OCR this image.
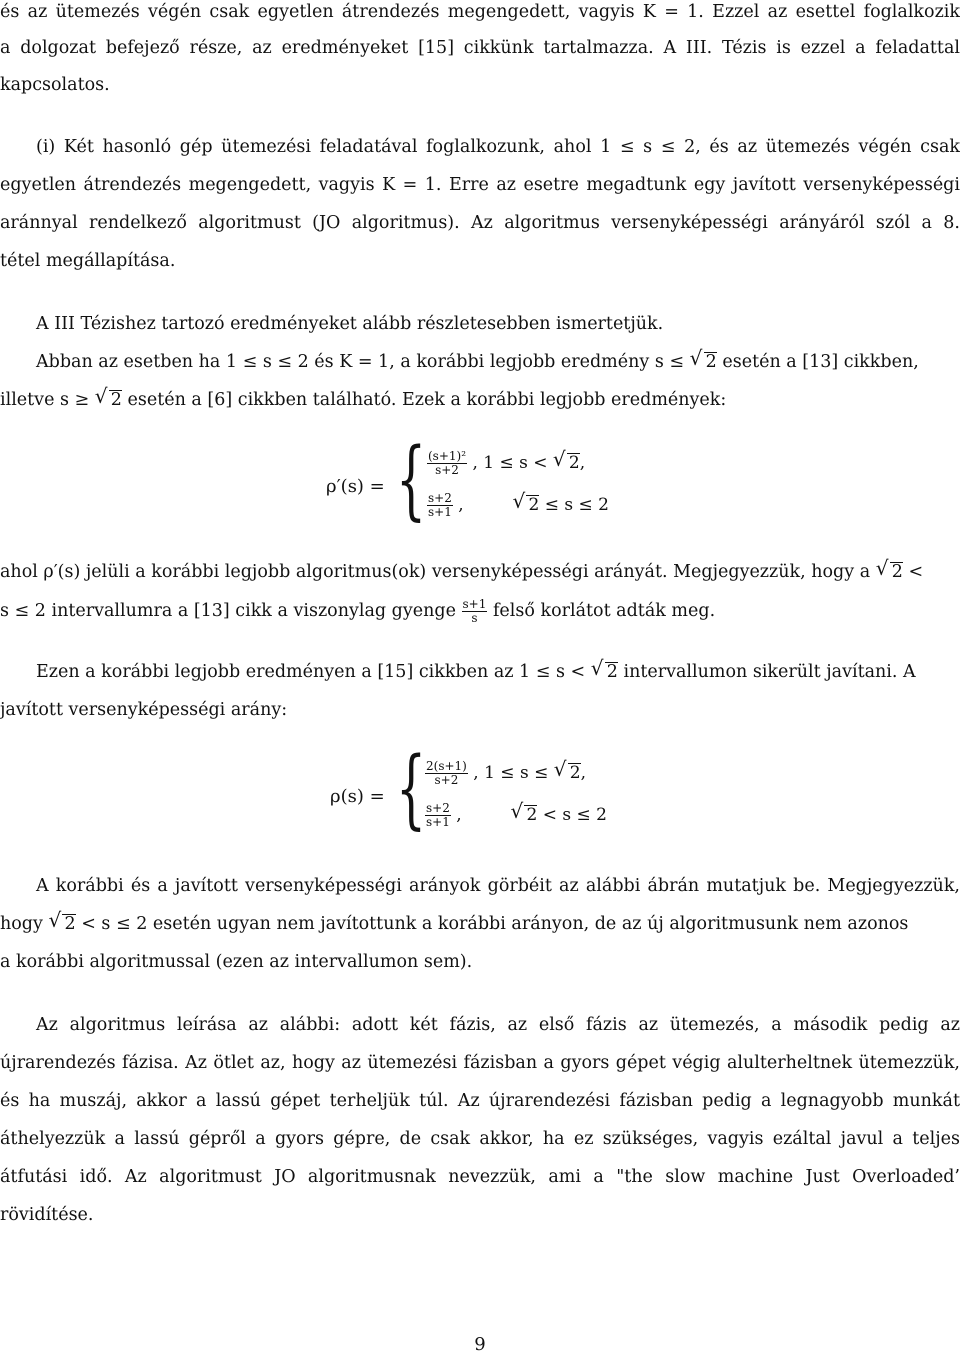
és az ütemezés végén csak egyetlen átrendezés megengedett, vagyis K = 1. Ezzel az esettel foglalkozik
a dolgozat befejező része, az eredményeket [15] cikkünk tartalmazza. A III. Tézis is ezzel a feladattal
kapcsolatos.
(i) Két hasonló gép ütemezési feladatával foglalkozunk, ahol 1 ≤ s ≤ 2, és az ütemezés végén csak
egyetlen átrendezés megengedett, vagyis K = 1. Erre az esetre megadtunk egy javított versenyképességi
aránnyal rendelkező algoritmust (JO algoritmus). Az algoritmus versenyképességi arányáról szól a 8.
tétel megállapítása.
A III Tézishez tartozó eredményeket alább részletesebben ismertetjük.
Abban az esetben ha 1 ≤ s ≤ 2 és K = 1, a korábbi legjobb eredmény s ≤ √ 2 esetén a [13] cikkben,
illetve s ≥ √ 2 esetén a [6] cikkben található. Ezek a korábbi legjobb eredmények:
ρ′(s) = { $\frac{\text{(s+1)²}}{s+2}$ , 1 ≤ s < √ 2,
$\frac{s+2}{s+1}$ ,	√ 2 ≤ s ≤ 2
ahol ρ′(s) jelüli a korábbi legjobb algoritmus(ok) versenyképességi arányát. Megjegyezzük, hogy a √ 2 <
s ≤ 2 intervallumra a [13] cikk a viszonylag gyenge $\frac{s+1}{s}$ felső korlátot adták meg.
Ezen a korábbi legjobb eredményen a [15] cikkben az 1 ≤ s < √ 2 intervallumon sikerült javítani. A
javított versenyképességi arány:
ρ(s) = {
$\frac{2(s+1)}{s+2}$ , 1 ≤ s ≤ √ 2,
$\frac{s+2}{s+1}$ ,	√ 2 < s ≤ 2
A korábbi és a javított versenyképességi arányok görbéit az alábbi ábrán mutatjuk be. Megjegyezzük,
hogy √ 2 < s ≤ 2 esetén ugyan nem javítottunk a korábbi arányon, de az új algoritmusunk nem azonos
a korábbi algoritmussal (ezen az intervallumon sem).
Az algoritmus leírása az alábbi: adott két fázis, az első fázis az ütemezés, a második pedig az
újrarendezés fázisa. Az ötlet az, hogy az ütemezési fázisban a gyors gépet végig alulterheltnek ütemezzük,
és ha muszáj, akkor a lassú gépet terheljük túl. Az újrarendezési fázisban pedig a legnagyobb munkát
áthelyezzük a lassú gépről a gyors gépre, de csak akkor, ha ez szükséges, vagyis ezáltal javul a teljes
átfutási idő. Az algoritmust JO algoritmusnak nevezzük, ami a "the slow machine Just Overloaded’
rövidítése.
9
